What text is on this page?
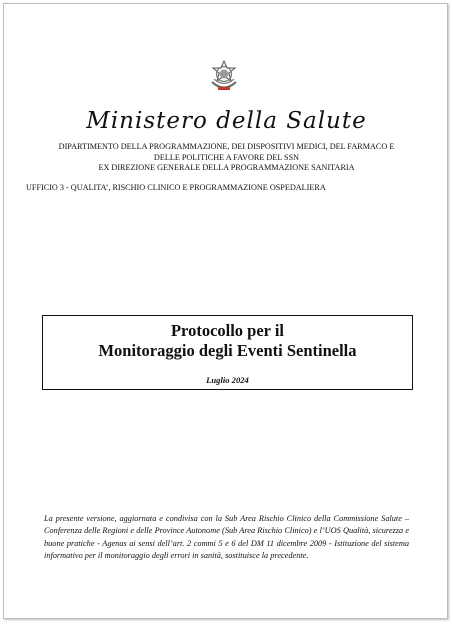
Ministero della Salute
DIPARTIMENTO DELLA PROGRAMMAZIONE, DEI DISPOSITIVI MEDICI, DEL FARMACO E
DELLE POLITICHE A FAVORE DEL SSN
EX DIREZIONE GENERALE DELLA PROGRAMMAZIONE SANITARIA
UFFICIO 3 - QUALITA’, RISCHIO CLINICO E PROGRAMMAZIONE OSPEDALIERA
Protocollo per il
Monitoraggio degli Eventi Sentinella
Luglio 2024
La presente versione, aggiornata e condivisa con la Sub Area Rischio Clinico della Commissione Salute – Conferenza delle Regioni e delle Province Autonome (Sub Area Rischio Clinico) e l’UOS Qualità, sicurezza e buone pratiche - Agenas ai sensi dell’art. 2 commi 5 e 6 del DM 11 dicembre 2009 - Istituzione del sistema informativo per il monitoraggio degli errori in sanità, sostituisce la precedente.
